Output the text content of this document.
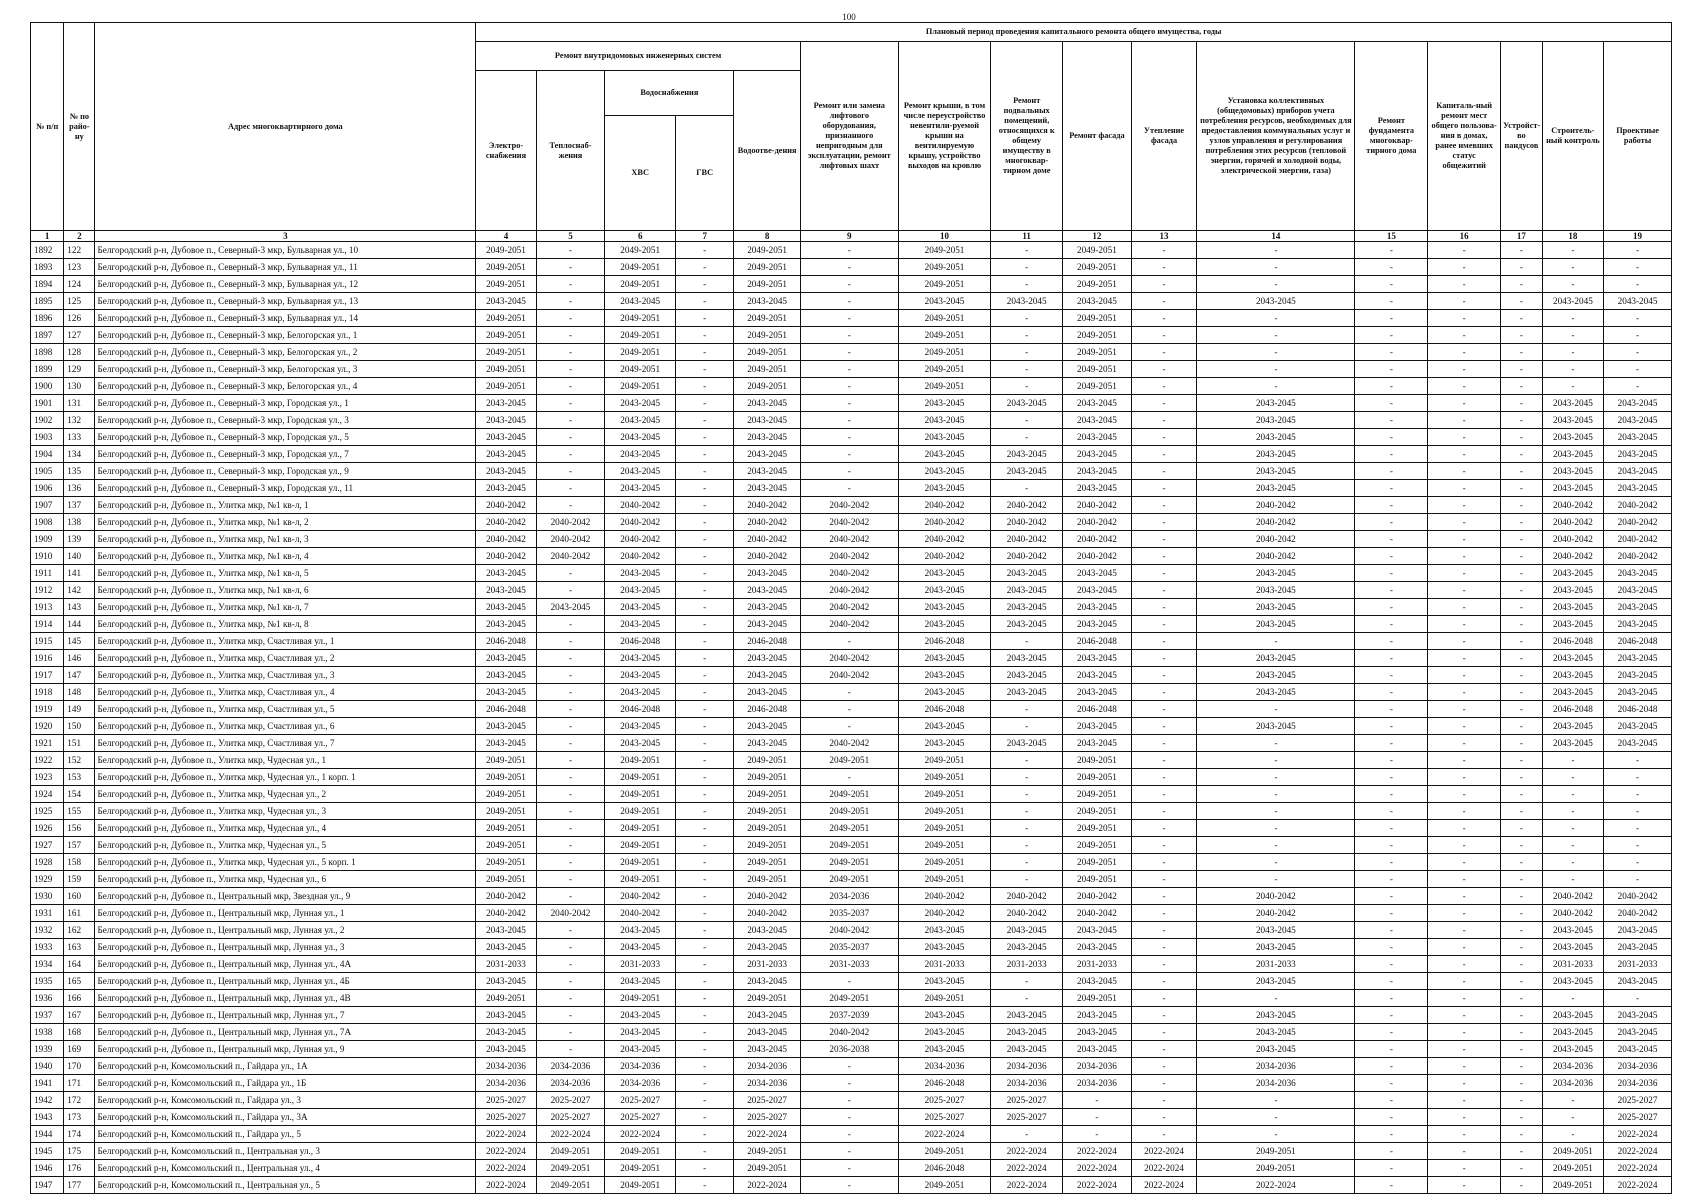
100
№ п/п	№ по райо-ну	Адрес многоквартирного дома	Плановый период проведения капитального ремонта общего имущества, годы															
			Ремонт внутридомовых инженерных систем					Ремонт или замена лифтового оборудования, признанного непригодным для эксплуатации, ремонт лифтовых шахт	Ремонт крыши, в том числе переустройство невентили-руемой крыши на вентилируемую крышу, устройство выходов на кровлю	Ремонт подвальных помещений, относящихся к общему имуществу в многоквар-тирном доме	Ремонт фасада	Утепление фасада	Установка коллективных (общедомовых) приборов учета потребления ресурсов, необходимых для предоставления коммунальных услуг и узлов управления и регулирования потребления этих ресурсов (тепловой энергии, горячей и холодной воды, электрической энергии, газа)	Ремонт фундамента многоквар-тирного дома	Капиталь-ный ремонт мест общего пользова-ния в домах, ранее имевших статус общежитий	Устройст-во пандусов	Строитель-ный контроль	Проектные работы
			Электро-снабжения	Теплоснаб-жения	Водоснабжения		Водоотве-дения											
					ХВС	ГВС												
1	2	3	4	5	6	7	8	9	10	11	12	13	14	15	16	17	18	19
1892	122	Белгородский р-н, Дубовое п., Северный-3 мкр, Бульварная ул., 10	2049-2051	-	2049-2051	-	2049-2051	-	2049-2051	-	2049-2051	-	-	-	-	-	-	-
1893	123	Белгородский р-н, Дубовое п., Северный-3 мкр, Бульварная ул., 11	2049-2051	-	2049-2051	-	2049-2051	-	2049-2051	-	2049-2051	-	-	-	-	-	-	-
1894	124	Белгородский р-н, Дубовое п., Северный-3 мкр, Бульварная ул., 12	2049-2051	-	2049-2051	-	2049-2051	-	2049-2051	-	2049-2051	-	-	-	-	-	-	-
1895	125	Белгородский р-н, Дубовое п., Северный-3 мкр, Бульварная ул., 13	2043-2045	-	2043-2045	-	2043-2045	-	2043-2045	2043-2045	2043-2045	-	2043-2045	-	-	-	2043-2045	2043-2045
1896	126	Белгородский р-н, Дубовое п., Северный-3 мкр, Бульварная ул., 14	2049-2051	-	2049-2051	-	2049-2051	-	2049-2051	-	2049-2051	-	-	-	-	-	-	-
1897	127	Белгородский р-н, Дубовое п., Северный-3 мкр, Белогорская ул., 1	2049-2051	-	2049-2051	-	2049-2051	-	2049-2051	-	2049-2051	-	-	-	-	-	-	-
1898	128	Белгородский р-н, Дубовое п., Северный-3 мкр, Белогорская ул., 2	2049-2051	-	2049-2051	-	2049-2051	-	2049-2051	-	2049-2051	-	-	-	-	-	-	-
1899	129	Белгородский р-н, Дубовое п., Северный-3 мкр, Белогорская ул., 3	2049-2051	-	2049-2051	-	2049-2051	-	2049-2051	-	2049-2051	-	-	-	-	-	-	-
1900	130	Белгородский р-н, Дубовое п., Северный-3 мкр, Белогорская ул., 4	2049-2051	-	2049-2051	-	2049-2051	-	2049-2051	-	2049-2051	-	-	-	-	-	-	-
1901	131	Белгородский р-н, Дубовое п., Северный-3 мкр, Городская ул., 1	2043-2045	-	2043-2045	-	2043-2045	-	2043-2045	2043-2045	2043-2045	-	2043-2045	-	-	-	2043-2045	2043-2045
1902	132	Белгородский р-н, Дубовое п., Северный-3 мкр, Городская ул., 3	2043-2045	-	2043-2045	-	2043-2045	-	2043-2045	-	2043-2045	-	2043-2045	-	-	-	2043-2045	2043-2045
1903	133	Белгородский р-н, Дубовое п., Северный-3 мкр, Городская ул., 5	2043-2045	-	2043-2045	-	2043-2045	-	2043-2045	-	2043-2045	-	2043-2045	-	-	-	2043-2045	2043-2045
1904	134	Белгородский р-н, Дубовое п., Северный-3 мкр, Городская ул., 7	2043-2045	-	2043-2045	-	2043-2045	-	2043-2045	2043-2045	2043-2045	-	2043-2045	-	-	-	2043-2045	2043-2045
1905	135	Белгородский р-н, Дубовое п., Северный-3 мкр, Городская ул., 9	2043-2045	-	2043-2045	-	2043-2045	-	2043-2045	2043-2045	2043-2045	-	2043-2045	-	-	-	2043-2045	2043-2045
1906	136	Белгородский р-н, Дубовое п., Северный-3 мкр, Городская ул., 11	2043-2045	-	2043-2045	-	2043-2045	-	2043-2045	-	2043-2045	-	2043-2045	-	-	-	2043-2045	2043-2045
1907	137	Белгородский р-н, Дубовое п., Улитка мкр, №1 кв-л, 1	2040-2042	-	2040-2042	-	2040-2042	2040-2042	2040-2042	2040-2042	2040-2042	-	2040-2042	-	-	-	2040-2042	2040-2042
1908	138	Белгородский р-н, Дубовое п., Улитка мкр, №1 кв-л, 2	2040-2042	2040-2042	2040-2042	-	2040-2042	2040-2042	2040-2042	2040-2042	2040-2042	-	2040-2042	-	-	-	2040-2042	2040-2042
1909	139	Белгородский р-н, Дубовое п., Улитка мкр, №1 кв-л, 3	2040-2042	2040-2042	2040-2042	-	2040-2042	2040-2042	2040-2042	2040-2042	2040-2042	-	2040-2042	-	-	-	2040-2042	2040-2042
1910	140	Белгородский р-н, Дубовое п., Улитка мкр, №1 кв-л, 4	2040-2042	2040-2042	2040-2042	-	2040-2042	2040-2042	2040-2042	2040-2042	2040-2042	-	2040-2042	-	-	-	2040-2042	2040-2042
1911	141	Белгородский р-н, Дубовое п., Улитка мкр, №1 кв-л, 5	2043-2045	-	2043-2045	-	2043-2045	2040-2042	2043-2045	2043-2045	2043-2045	-	2043-2045	-	-	-	2043-2045	2043-2045
1912	142	Белгородский р-н, Дубовое п., Улитка мкр, №1 кв-л, 6	2043-2045	-	2043-2045	-	2043-2045	2040-2042	2043-2045	2043-2045	2043-2045	-	2043-2045	-	-	-	2043-2045	2043-2045
1913	143	Белгородский р-н, Дубовое п., Улитка мкр, №1 кв-л, 7	2043-2045	2043-2045	2043-2045	-	2043-2045	2040-2042	2043-2045	2043-2045	2043-2045	-	2043-2045	-	-	-	2043-2045	2043-2045
1914	144	Белгородский р-н, Дубовое п., Улитка мкр, №1 кв-л, 8	2043-2045	-	2043-2045	-	2043-2045	2040-2042	2043-2045	2043-2045	2043-2045	-	2043-2045	-	-	-	2043-2045	2043-2045
1915	145	Белгородский р-н, Дубовое п., Улитка мкр, Счастливая ул., 1	2046-2048	-	2046-2048	-	2046-2048	-	2046-2048	-	2046-2048	-	-	-	-	-	2046-2048	2046-2048
1916	146	Белгородский р-н, Дубовое п., Улитка мкр, Счастливая ул., 2	2043-2045	-	2043-2045	-	2043-2045	2040-2042	2043-2045	2043-2045	2043-2045	-	2043-2045	-	-	-	2043-2045	2043-2045
1917	147	Белгородский р-н, Дубовое п., Улитка мкр, Счастливая ул., 3	2043-2045	-	2043-2045	-	2043-2045	2040-2042	2043-2045	2043-2045	2043-2045	-	2043-2045	-	-	-	2043-2045	2043-2045
1918	148	Белгородский р-н, Дубовое п., Улитка мкр, Счастливая ул., 4	2043-2045	-	2043-2045	-	2043-2045	-	2043-2045	2043-2045	2043-2045	-	2043-2045	-	-	-	2043-2045	2043-2045
1919	149	Белгородский р-н, Дубовое п., Улитка мкр, Счастливая ул., 5	2046-2048	-	2046-2048	-	2046-2048	-	2046-2048	-	2046-2048	-	-	-	-	-	2046-2048	2046-2048
1920	150	Белгородский р-н, Дубовое п., Улитка мкр, Счастливая ул., 6	2043-2045	-	2043-2045	-	2043-2045	-	2043-2045	-	2043-2045	-	2043-2045	-	-	-	2043-2045	2043-2045
1921	151	Белгородский р-н, Дубовое п., Улитка мкр, Счастливая ул., 7	2043-2045	-	2043-2045	-	2043-2045	2040-2042	2043-2045	2043-2045	2043-2045	-	-	-	-	-	2043-2045	2043-2045
1922	152	Белгородский р-н, Дубовое п., Улитка мкр, Чудесная ул., 1	2049-2051	-	2049-2051	-	2049-2051	2049-2051	2049-2051	-	2049-2051	-	-	-	-	-	-	-
1923	153	Белгородский р-н, Дубовое п., Улитка мкр, Чудесная ул., 1 корп. 1	2049-2051	-	2049-2051	-	2049-2051	-	2049-2051	-	2049-2051	-	-	-	-	-	-	-
1924	154	Белгородский р-н, Дубовое п., Улитка мкр, Чудесная ул., 2	2049-2051	-	2049-2051	-	2049-2051	2049-2051	2049-2051	-	2049-2051	-	-	-	-	-	-	-
1925	155	Белгородский р-н, Дубовое п., Улитка мкр, Чудесная ул., 3	2049-2051	-	2049-2051	-	2049-2051	2049-2051	2049-2051	-	2049-2051	-	-	-	-	-	-	-
1926	156	Белгородский р-н, Дубовое п., Улитка мкр, Чудесная ул., 4	2049-2051	-	2049-2051	-	2049-2051	2049-2051	2049-2051	-	2049-2051	-	-	-	-	-	-	-
1927	157	Белгородский р-н, Дубовое п., Улитка мкр, Чудесная ул., 5	2049-2051	-	2049-2051	-	2049-2051	2049-2051	2049-2051	-	2049-2051	-	-	-	-	-	-	-
1928	158	Белгородский р-н, Дубовое п., Улитка мкр, Чудесная ул., 5 корп. 1	2049-2051	-	2049-2051	-	2049-2051	2049-2051	2049-2051	-	2049-2051	-	-	-	-	-	-	-
1929	159	Белгородский р-н, Дубовое п., Улитка мкр, Чудесная ул., 6	2049-2051	-	2049-2051	-	2049-2051	2049-2051	2049-2051	-	2049-2051	-	-	-	-	-	-	-
1930	160	Белгородский р-н, Дубовое п., Центральный мкр, Звездная ул., 9	2040-2042	-	2040-2042	-	2040-2042	2034-2036	2040-2042	2040-2042	2040-2042	-	2040-2042	-	-	-	2040-2042	2040-2042
1931	161	Белгородский р-н, Дубовое п., Центральный мкр, Лунная ул., 1	2040-2042	2040-2042	2040-2042	-	2040-2042	2035-2037	2040-2042	2040-2042	2040-2042	-	2040-2042	-	-	-	2040-2042	2040-2042
1932	162	Белгородский р-н, Дубовое п., Центральный мкр, Лунная ул., 2	2043-2045	-	2043-2045	-	2043-2045	2040-2042	2043-2045	2043-2045	2043-2045	-	2043-2045	-	-	-	2043-2045	2043-2045
1933	163	Белгородский р-н, Дубовое п., Центральный мкр, Лунная ул., 3	2043-2045	-	2043-2045	-	2043-2045	2035-2037	2043-2045	2043-2045	2043-2045	-	2043-2045	-	-	-	2043-2045	2043-2045
1934	164	Белгородский р-н, Дубовое п., Центральный мкр, Лунная ул., 4А	2031-2033	-	2031-2033	-	2031-2033	2031-2033	2031-2033	2031-2033	2031-2033	-	2031-2033	-	-	-	2031-2033	2031-2033
1935	165	Белгородский р-н, Дубовое п., Центральный мкр, Лунная ул., 4Б	2043-2045	-	2043-2045	-	2043-2045	-	2043-2045	-	2043-2045	-	2043-2045	-	-	-	2043-2045	2043-2045
1936	166	Белгородский р-н, Дубовое п., Центральный мкр, Лунная ул., 4В	2049-2051	-	2049-2051	-	2049-2051	2049-2051	2049-2051	-	2049-2051	-	-	-	-	-	-	-
1937	167	Белгородский р-н, Дубовое п., Центральный мкр, Лунная ул., 7	2043-2045	-	2043-2045	-	2043-2045	2037-2039	2043-2045	2043-2045	2043-2045	-	2043-2045	-	-	-	2043-2045	2043-2045
1938	168	Белгородский р-н, Дубовое п., Центральный мкр, Лунная ул., 7А	2043-2045	-	2043-2045	-	2043-2045	2040-2042	2043-2045	2043-2045	2043-2045	-	2043-2045	-	-	-	2043-2045	2043-2045
1939	169	Белгородский р-н, Дубовое п., Центральный мкр, Лунная ул., 9	2043-2045	-	2043-2045	-	2043-2045	2036-2038	2043-2045	2043-2045	2043-2045	-	2043-2045	-	-	-	2043-2045	2043-2045
1940	170	Белгородский р-н, Комсомольский п., Гайдара ул., 1А	2034-2036	2034-2036	2034-2036	-	2034-2036	-	2034-2036	2034-2036	2034-2036	-	2034-2036	-	-	-	2034-2036	2034-2036
1941	171	Белгородский р-н, Комсомольский п., Гайдара ул., 1Б	2034-2036	2034-2036	2034-2036	-	2034-2036	-	2046-2048	2034-2036	2034-2036	-	2034-2036	-	-	-	2034-2036	2034-2036
1942	172	Белгородский р-н, Комсомольский п., Гайдара ул., 3	2025-2027	2025-2027	2025-2027	-	2025-2027	-	2025-2027	2025-2027	-	-	-	-	-	-	-	2025-2027
1943	173	Белгородский р-н, Комсомольский п., Гайдара ул., 3А	2025-2027	2025-2027	2025-2027	-	2025-2027	-	2025-2027	2025-2027	-	-	-	-	-	-	-	2025-2027
1944	174	Белгородский р-н, Комсомольский п., Гайдара ул., 5	2022-2024	2022-2024	2022-2024	-	2022-2024	-	2022-2024	-	-	-	-	-	-	-	-	2022-2024
1945	175	Белгородский р-н, Комсомольский п., Центральная ул., 3	2022-2024	2049-2051	2049-2051	-	2049-2051	-	2049-2051	2022-2024	2022-2024	2022-2024	2049-2051	-	-	-	2049-2051	2022-2024
1946	176	Белгородский р-н, Комсомольский п., Центральная ул., 4	2022-2024	2049-2051	2049-2051	-	2049-2051	-	2046-2048	2022-2024	2022-2024	2022-2024	2049-2051	-	-	-	2049-2051	2022-2024
1947	177	Белгородский р-н, Комсомольский п., Центральная ул., 5	2022-2024	2049-2051	2049-2051	-	2022-2024	-	2049-2051	2022-2024	2022-2024	2022-2024	2022-2024	-	-	-	2049-2051	2022-2024
